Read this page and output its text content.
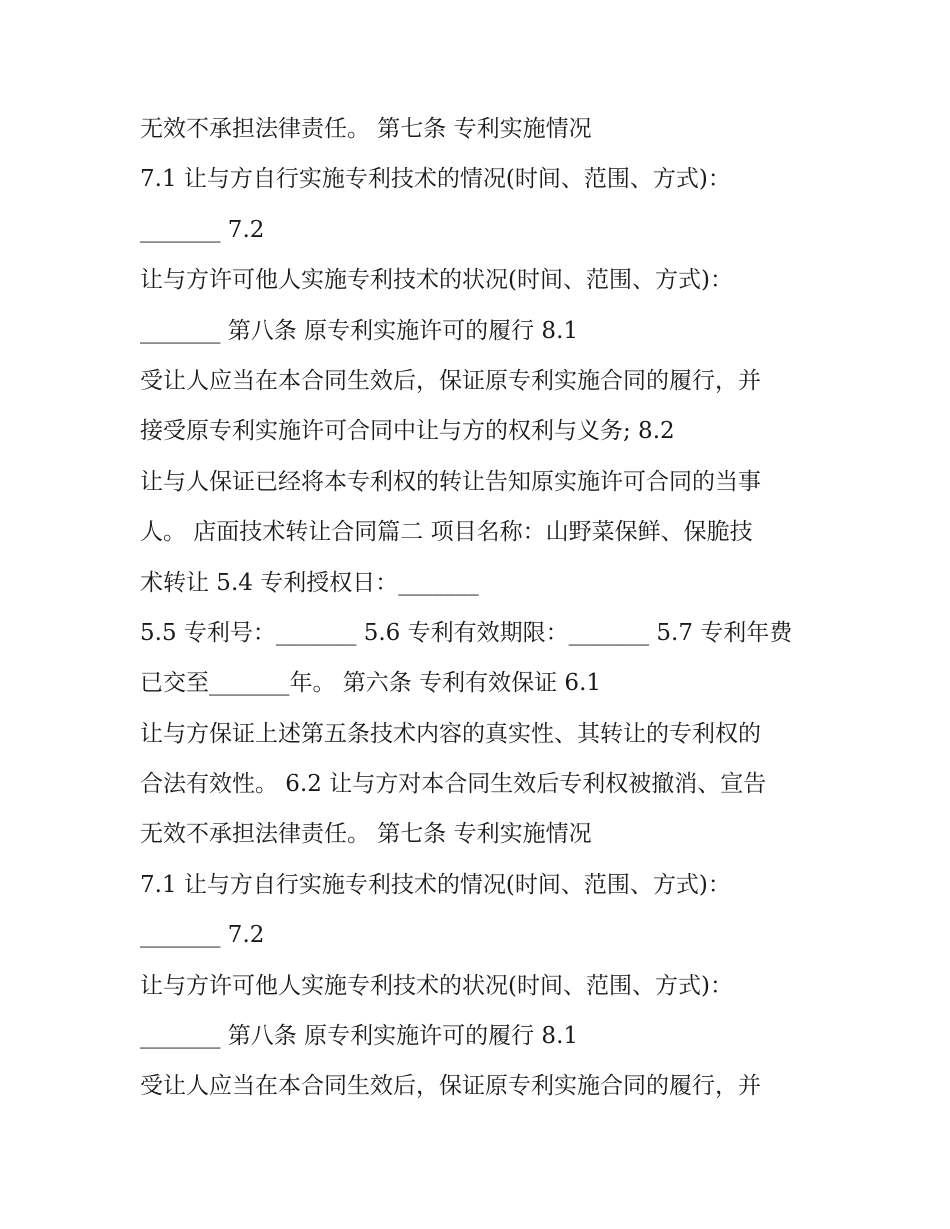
无效不承担法律责任。 第七条 专利实施情况
7.1 让与方自行实施专利技术的情况(时间、范围、方式)：
_______ 7.2
让与方许可他人实施专利技术的状况(时间、范围、方式)：
_______ 第八条 原专利实施许可的履行 8.1
受让人应当在本合同生效后，保证原专利实施合同的履行，并
接受原专利实施许可合同中让与方的权利与义务; 8.2
让与人保证已经将本专利权的转让告知原实施许可合同的当事
人。 店面技术转让合同篇二 项目名称：山野菜保鲜、保脆技
术转让 5.4 专利授权日：_______
5.5 专利号：_______ 5.6 专利有效期限：_______ 5.7 专利年费
已交至_______年。 第六条 专利有效保证 6.1
让与方保证上述第五条技术内容的真实性、其转让的专利权的
合法有效性。 6.2 让与方对本合同生效后专利权被撤消、宣告
无效不承担法律责任。 第七条 专利实施情况
7.1 让与方自行实施专利技术的情况(时间、范围、方式)：
_______ 7.2
让与方许可他人实施专利技术的状况(时间、范围、方式)：
_______ 第八条 原专利实施许可的履行 8.1
受让人应当在本合同生效后，保证原专利实施合同的履行，并
